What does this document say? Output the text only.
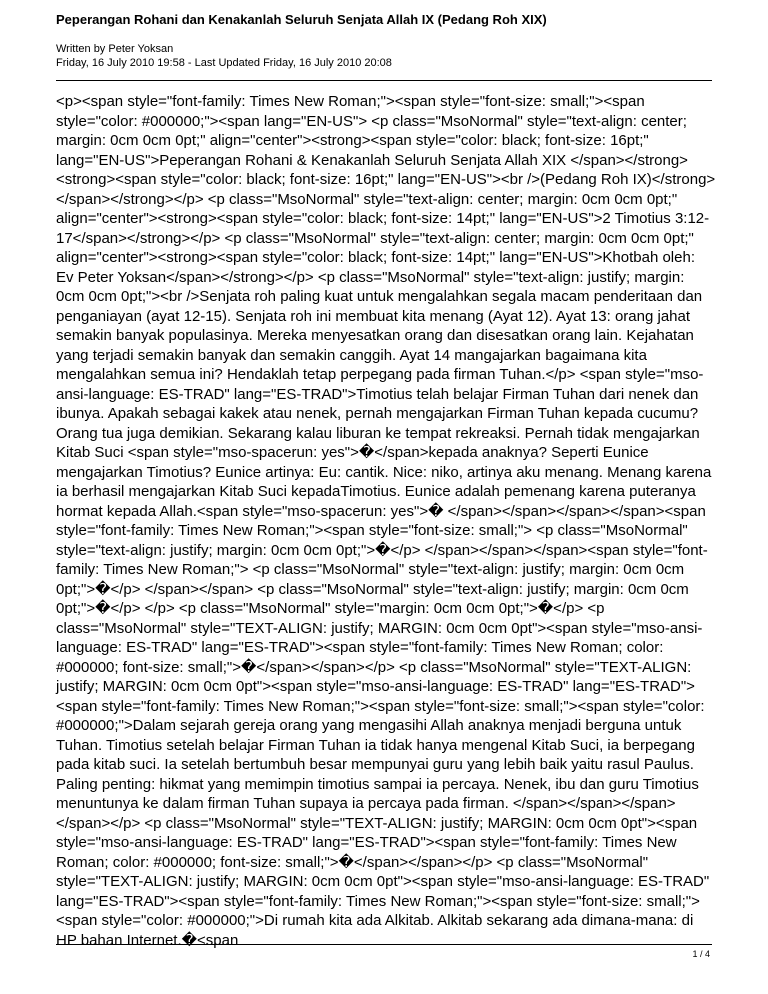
Peperangan Rohani dan Kenakanlah Seluruh Senjata Allah IX (Pedang Roh XIX)
Written by Peter Yoksan
Friday, 16 July 2010 19:58 - Last Updated Friday, 16 July 2010 20:08

<p><span style="font-family: Times New Roman;"><span style="font-size: small;"><span style="color: #000000;"><span lang="EN-US"> <p class="MsoNormal" style="text-align: center; margin: 0cm 0cm 0pt;" align="center"><strong><span style="color: black; font-size: 16pt;" lang="EN-US">Peperangan Rohani & Kenakanlah Seluruh Senjata Allah XIX </span></strong><strong><span style="color: black; font-size: 16pt;" lang="EN-US"><br />(Pedang Roh IX)</strong></span></strong></p> <p class="MsoNormal" style="text-align: center; margin: 0cm 0cm 0pt;" align="center"><strong><span style="color: black; font-size: 14pt;" lang="EN-US">2 Timotius 3:12-17</span></strong></p> <p class="MsoNormal" style="text-align: center; margin: 0cm 0cm 0pt;" align="center"><strong><span style="color: black; font-size: 14pt;" lang="EN-US">Khotbah oleh: Ev Peter Yoksan</span></strong></p> <p class="MsoNormal" style="text-align: justify; margin: 0cm 0cm 0pt;"><br />Senjata roh paling kuat untuk mengalahkan segala macam penderitaan dan penganiayan (ayat 12-15). Senjata roh ini membuat kita menang (Ayat 12). Ayat 13: orang jahat semakin banyak populasinya. Mereka menyesatkan orang dan disesatkan orang lain. Kejahatan yang terjadi semakin banyak dan semakin canggih. Ayat 14 mangajarkan bagaimana kita mengalahkan semua ini? Hendaklah tetap perpegang pada firman Tuhan.</p> <span style="mso-ansi-language: ES-TRAD" lang="ES-TRAD">Timotius telah belajar Firman Tuhan dari nenek dan ibunya. Apakah sebagai kakek atau nenek, pernah mengajarkan Firman Tuhan kepada cucumu? Orang tua juga demikian. Sekarang kalau liburan ke tempat rekreaksi. Pernah tidak mengajarkan Kitab Suci <span style="mso-spacerun: yes">�</span>kepada anaknya? Seperti Eunice mengajarkan Timotius? Eunice artinya: Eu: cantik. Nice: niko, artinya aku menang. Menang karena ia berhasil mengajarkan Kitab Suci kepadaTimotius. Eunice adalah pemenang karena puteranya hormat kepada Allah.<span style="mso-spacerun: yes">� </span></span></span></span><span style="font-family: Times New Roman;"><span style="font-size: small;"> <p class="MsoNormal" style="text-align: justify; margin: 0cm 0cm 0pt;">�</p> </span></span></span><span style="font-family: Times New Roman;"> <p class="MsoNormal" style="text-align: justify; margin: 0cm 0cm 0pt;">�</p> </span></span> <p class="MsoNormal" style="text-align: justify; margin: 0cm 0cm 0pt;">�</p> </p> <p class="MsoNormal" style="margin: 0cm 0cm 0pt;">�</p> <p class="MsoNormal" style="TEXT-ALIGN: justify; MARGIN: 0cm 0cm 0pt"><span style="mso-ansi-language: ES-TRAD" lang="ES-TRAD"><span style="font-family: Times New Roman; color: #000000; font-size: small;">�</span></span></p> <p class="MsoNormal" style="TEXT-ALIGN: justify; MARGIN: 0cm 0cm 0pt"><span style="mso-ansi-language: ES-TRAD" lang="ES-TRAD"><span style="font-family: Times New Roman;"><span style="font-size: small;"><span style="color: #000000;">Dalam sejarah gereja orang yang mengasihi Allah anaknya menjadi berguna untuk Tuhan. Timotius setelah belajar Firman Tuhan ia tidak hanya mengenal Kitab Suci, ia berpegang pada kitab suci. Ia setelah bertumbuh besar mempunyai guru yang lebih baik yaitu rasul Paulus. Paling penting: hikmat yang memimpin timotius sampai ia percaya. Nenek, ibu dan guru Timotius menuntunya ke dalam firman Tuhan supaya ia percaya pada firman. </span></span></span></span></p> <p class="MsoNormal" style="TEXT-ALIGN: justify; MARGIN: 0cm 0cm 0pt"><span style="mso-ansi-language: ES-TRAD" lang="ES-TRAD"><span style="font-family: Times New Roman; color: #000000; font-size: small;">�</span></span></p> <p class="MsoNormal" style="TEXT-ALIGN: justify; MARGIN: 0cm 0cm 0pt"><span style="mso-ansi-language: ES-TRAD" lang="ES-TRAD"><span style="font-family: Times New Roman;"><span style="font-size: small;"><span style="color: #000000;">Di rumah kita ada Alkitab. Alkitab sekarang ada dimana-mana: di HP bahan Internet.�<span

1 / 4
